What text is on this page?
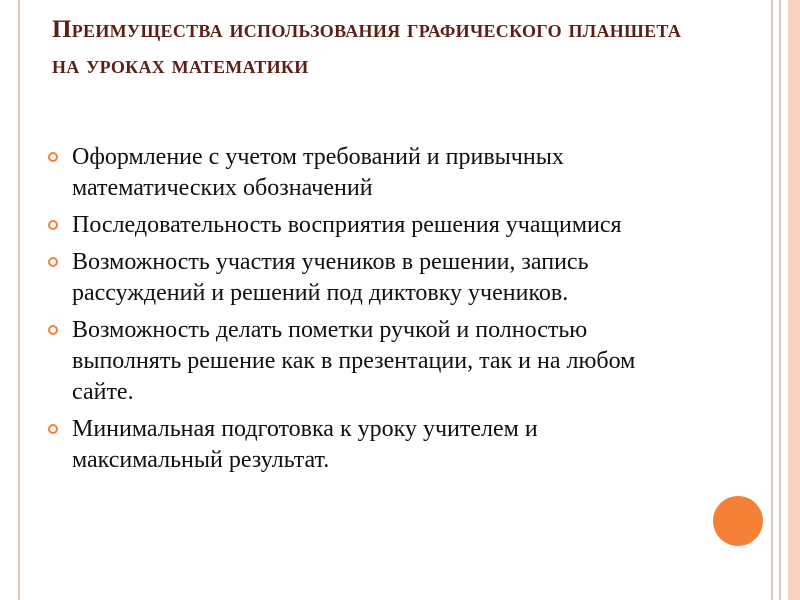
Преимущества использования графического планшета на уроках математики
Оформление с учетом требований и привычных математических обозначений
Последовательность восприятия решения учащимися
Возможность участия учеников в решении, запись рассуждений и решений под диктовку учеников.
Возможность делать пометки ручкой и полностью выполнять решение как в презентации, так и на любом сайте.
Минимальная подготовка к уроку учителем и максимальный результат.
